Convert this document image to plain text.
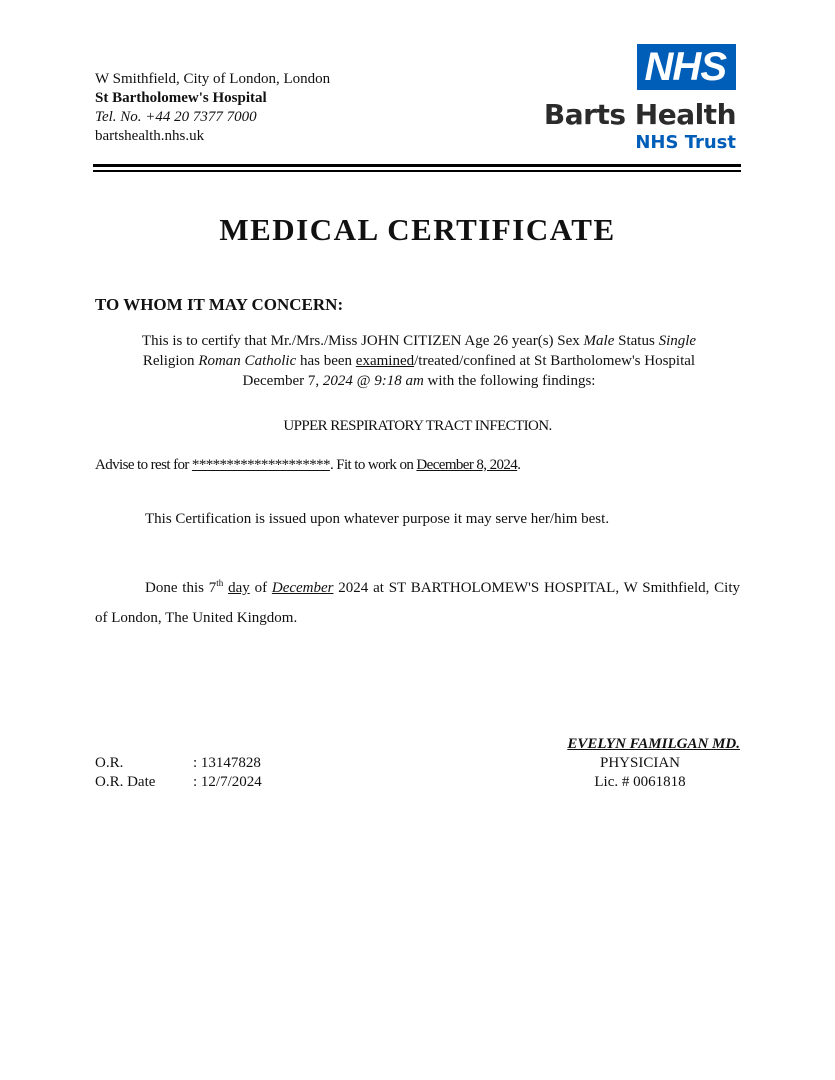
W Smithfield, City of London, London
St Bartholomew's Hospital
Tel. No. +44 20 7377 7000
bartshealth.nhs.uk
NHS
Barts Health
NHS Trust
MEDICAL CERTIFICATE
TO WHOM IT MAY CONCERN:
This is to certify that Mr./Mrs./Miss JOHN CITIZEN Age 26 year(s) Sex Male Status Single
Religion Roman Catholic has been examined/treated/confined at St Bartholomew's Hospital
December 7, 2024 @ 9:18 am with the following findings:
UPPER RESPIRATORY TRACT INFECTION.
Advise to rest for ********************. Fit to work on December 8, 2024.
This Certification is issued upon whatever purpose it may serve her/him best.
Done this 7th day of December 2024 at ST BARTHOLOMEW'S HOSPITAL, W Smithfield, City of London, The United Kingdom.
O.R.	: 13147828
O.R. Date	: 12/7/2024
EVELYN FAMILGAN MD.
PHYSICIAN
Lic. # 0061818
